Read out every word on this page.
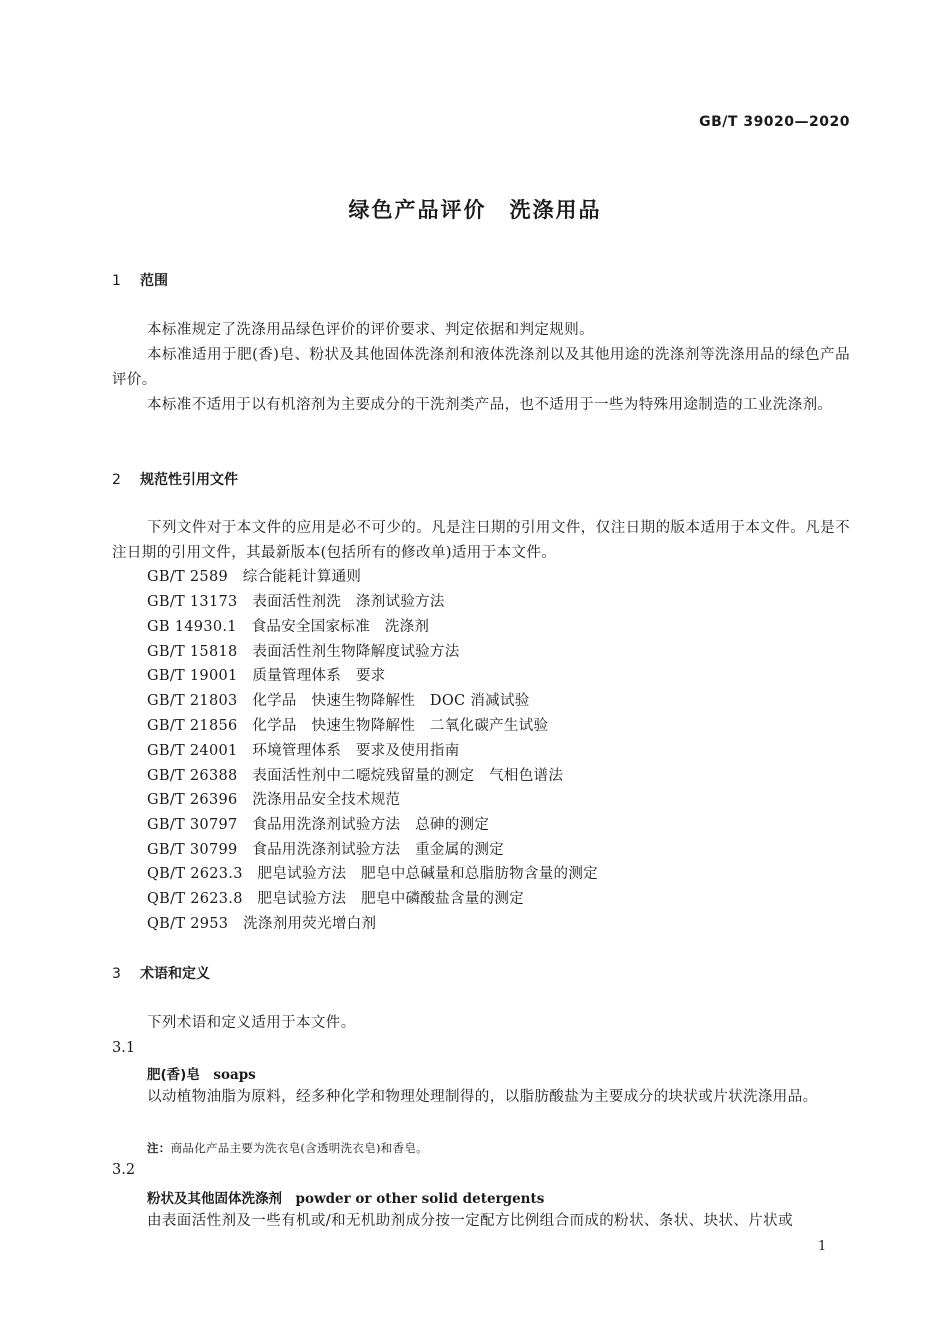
GB/T 39020—2020
绿色产品评价　洗涤用品
1 范围
本标准规定了洗涤用品绿色评价的评价要求、判定依据和判定规则。
本标准适用于肥(香)皂、粉状及其他固体洗涤剂和液体洗涤剂以及其他用途的洗涤剂等洗涤用品的绿色产品评价。
本标准不适用于以有机溶剂为主要成分的干洗剂类产品，也不适用于一些为特殊用途制造的工业洗涤剂。
2 规范性引用文件
下列文件对于本文件的应用是必不可少的。凡是注日期的引用文件，仅注日期的版本适用于本文件。凡是不注日期的引用文件，其最新版本(包括所有的修改单)适用于本文件。
GB/T 2589　综合能耗计算通则
GB/T 13173　表面活性剂洗　涤剂试验方法
GB 14930.1　食品安全国家标准　洗涤剂
GB/T 15818　表面活性剂生物降解度试验方法
GB/T 19001　质量管理体系　要求
GB/T 21803　化学品　快速生物降解性　DOC 消减试验
GB/T 21856　化学品　快速生物降解性　二氧化碳产生试验
GB/T 24001　环境管理体系　要求及使用指南
GB/T 26388　表面活性剂中二噁烷残留量的测定　气相色谱法
GB/T 26396　洗涤用品安全技术规范
GB/T 30797　食品用洗涤剂试验方法　总砷的测定
GB/T 30799　食品用洗涤剂试验方法　重金属的测定
QB/T 2623.3　肥皂试验方法　肥皂中总碱量和总脂肪物含量的测定
QB/T 2623.8　肥皂试验方法　肥皂中磷酸盐含量的测定
QB/T 2953　洗涤剂用荧光增白剂
3 术语和定义
下列术语和定义适用于本文件。
3.1
肥(香)皂　 soaps
以动植物油脂为原料，经多种化学和物理处理制得的，以脂肪酸盐为主要成分的块状或片状洗涤用品。
注：商品化产品主要为洗衣皂(含透明洗衣皂)和香皂。
3.2
粉状及其他固体洗涤剂　 powder or other solid detergents
由表面活性剂及一些有机或/和无机助剂成分按一定配方比例组合而成的粉状、条状、块状、片状或
1
